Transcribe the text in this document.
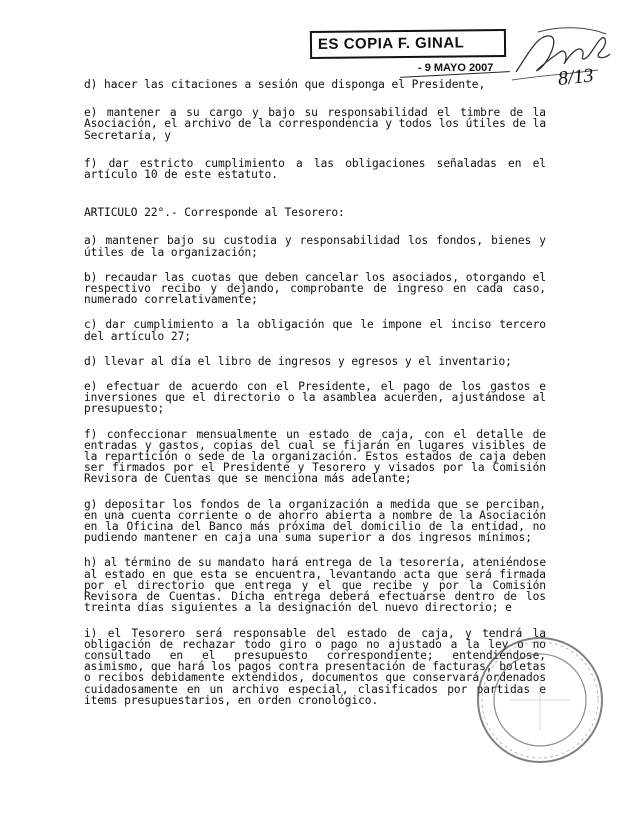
ES COPIA F. GINAL
- 9 MAYO 2007	8/13

d) hacer las citaciones a sesión que disponga el Presidente,

e) mantener a su cargo y bajo su responsabilidad el timbre de la Asociación, el archivo de la correspondencia y todos los útiles de la Secretaría, y

f) dar estricto cumplimiento a las obligaciones señaladas en el artículo 10 de este estatuto.

ARTICULO 22°.- Corresponde al Tesorero:

a) mantener bajo su custodia y responsabilidad los fondos, bienes y útiles de la organización;

b) recaudar las cuotas que deben cancelar los asociados, otorgando el respectivo recibo y dejando, comprobante de ingreso en cada caso, numerado correlativamente;

c) dar cumplimiento a la obligación que le impone el inciso tercero del artículo 27;

d) llevar al día el libro de ingresos y egresos y el inventario;

e) efectuar de acuerdo con el Presidente, el pago de los gastos e inversiones que el directorio o la asamblea acuerden, ajustándose al presupuesto;

f) confeccionar mensualmente un estado de caja, con el detalle de entradas y gastos, copias del cual se fijarán en lugares visibles de la repartición o sede de la organización. Estos estados de caja deben ser firmados por el Presidente y Tesorero y visados por la Comisión Revisora de Cuentas que se menciona más adelante;

g) depositar los fondos de la organización a medida que se perciban, en una cuenta corriente o de ahorro abierta a nombre de la Asociación en la Oficina del Banco más próxima del domicilio de la entidad, no pudiendo mantener en caja una suma superior a dos ingresos mínimos;

h) al término de su mandato hará entrega de la tesorería, ateniéndose al estado en que esta se encuentra, levantando acta que será firmada por el directorio que entrega y el que recibe y por la Comisión Revisora de Cuentas. Dicha entrega deberá efectuarse dentro de los treinta días siguientes a la designación del nuevo directorio; e

i) el Tesorero será responsable del estado de caja, y tendrá la obligación de rechazar todo giro o pago no ajustado a la ley o no consultado en el presupuesto correspondiente; entendiéndose, asimismo, que hará los pagos contra presentación de facturas, boletas o recibos debidamente extendidos, documentos que conservará ordenados cuidadosamente en un archivo especial, clasificados por partidas e items presupuestarios, en orden cronológico.
